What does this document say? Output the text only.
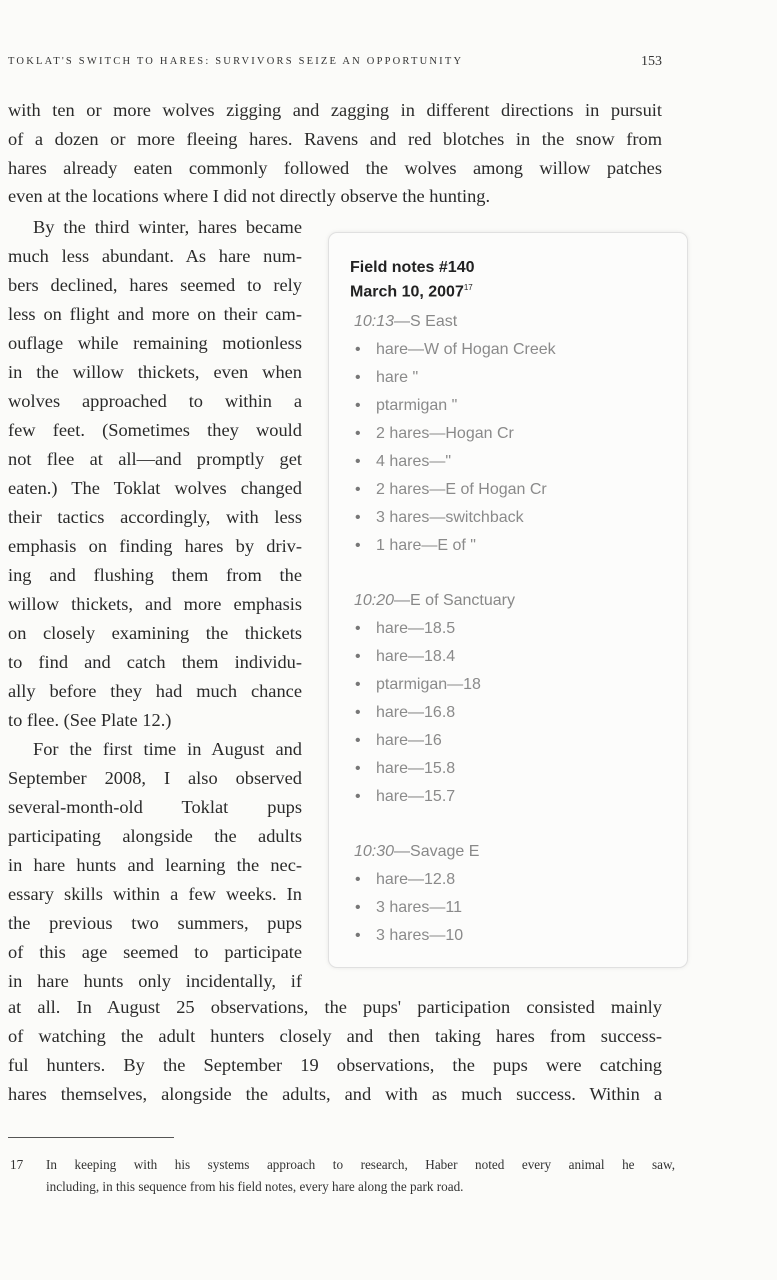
TOKLAT'S SWITCH TO HARES: SURVIVORS SEIZE AN OPPORTUNITY	153
with ten or more wolves zigging and zagging in different directions in pursuit
of a dozen or more fleeing hares. Ravens and red blotches in the snow from
hares already eaten commonly followed the wolves among willow patches
even at the locations where I did not directly observe the hunting.
By the third winter, hares became
much less abundant. As hare num-
bers declined, hares seemed to rely
less on flight and more on their cam-
ouflage while remaining motionless
in the willow thickets, even when
wolves approached to within a
few feet. (Sometimes they would
not flee at all—and promptly get
eaten.) The Toklat wolves changed
their tactics accordingly, with less
emphasis on finding hares by driv-
ing and flushing them from the
willow thickets, and more emphasis
on closely examining the thickets
to find and catch them individu-
ally before they had much chance
to flee. (See Plate 12.)
For the first time in August and
September 2008, I also observed
several-month-old Toklat pups
participating alongside the adults
in hare hunts and learning the nec-
essary skills within a few weeks. In
the previous two summers, pups
of this age seemed to participate
in hare hunts only incidentally, if
at all. In August 25 observations, the pups' participation consisted mainly
of watching the adult hunters closely and then taking hares from success-
ful hunters. By the September 19 observations, the pups were catching
hares themselves, alongside the adults, and with as much success. Within a
Field notes #140
March 10, 2007$^{17}$
10:13—S East
• hare—W of Hogan Creek
• hare "
• ptarmigan "
• 2 hares—Hogan Cr
• 4 hares—"
• 2 hares—E of Hogan Cr
• 3 hares—switchback
• 1 hare—E of "
10:20—E of Sanctuary
• hare—18.5
• hare—18.4
• ptarmigan—18
• hare—16.8
• hare—16
• hare—15.8
• hare—15.7
10:30—Savage E
• hare—12.8
• 3 hares—11
• 3 hares—10
17 In keeping with his systems approach to research, Haber noted every animal he saw,
including, in this sequence from his field notes, every hare along the park road.
